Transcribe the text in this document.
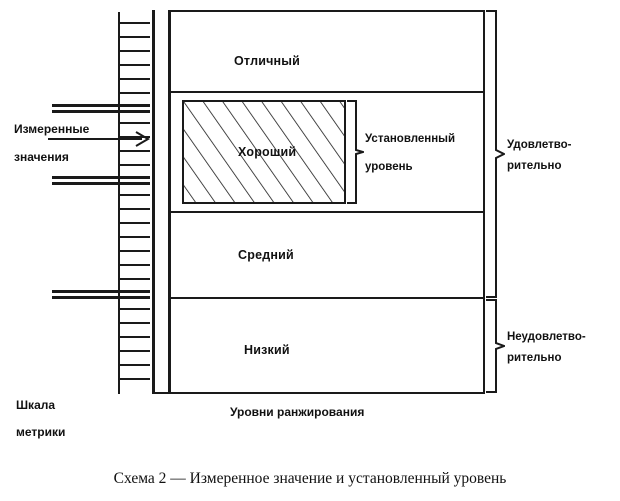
Измеренные
значения
Шкала
метрики
Отличный
Хороший
Средний
Низкий
Установленный
уровень
Удовлетво-
рительно
Неудовлетво-
рительно
Уровни ранжирования
Схема 2 — Измеренное значение и установленный уровень
